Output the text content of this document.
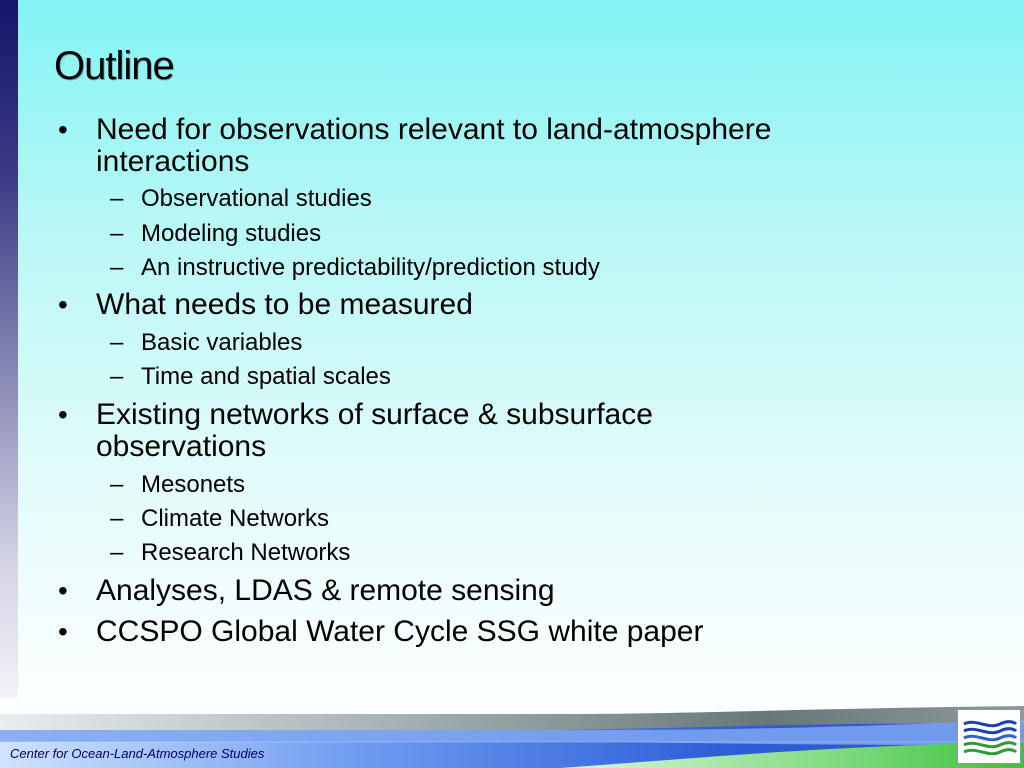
Outline
• Need for observations relevant to land-atmosphere
interactions
– Observational studies
– Modeling studies
– An instructive predictability/prediction study
• What needs to be measured
– Basic variables
– Time and spatial scales
• Existing networks of surface & subsurface
observations
– Mesonets
– Climate Networks
– Research Networks
• Analyses, LDAS & remote sensing
• CCSPO Global Water Cycle SSG white paper
Center for Ocean-Land-Atmosphere Studies
